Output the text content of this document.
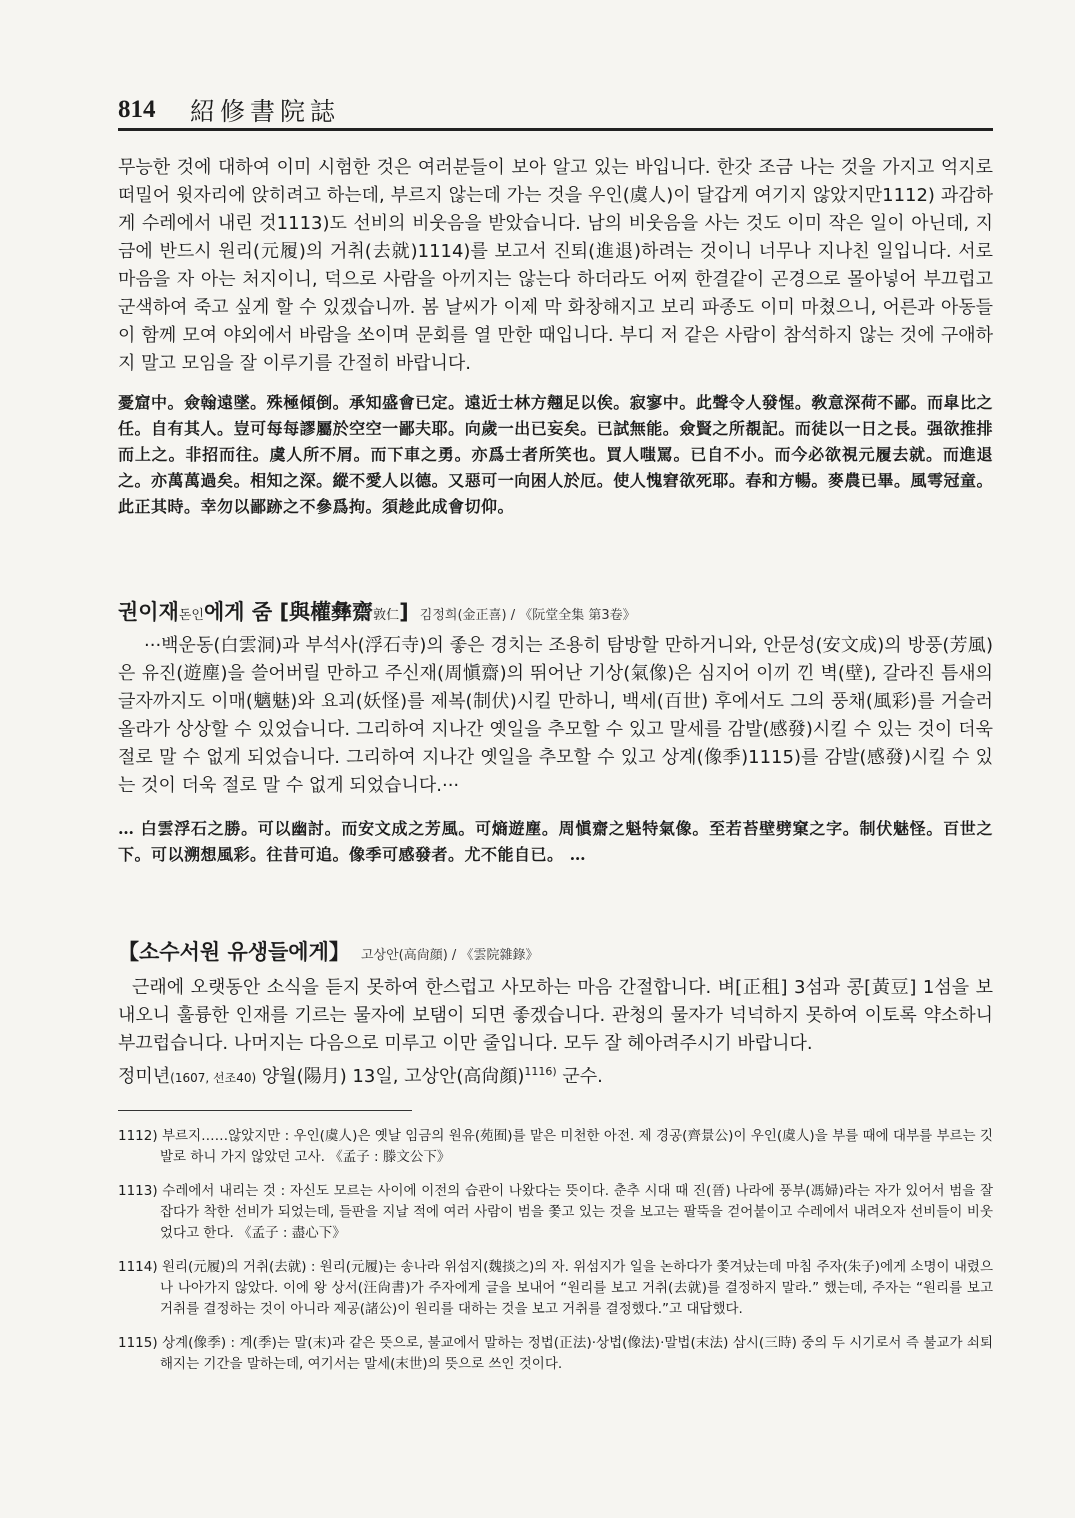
814 紹修書院誌

무능한 것에 대하여 이미 시험한 것은 여러분들이 보아 알고 있는 바입니다. 한갓 조금 나는 것을 가지고 억지로 떠밀어 윗자리에 앉히려고 하는데, 부르지 않는데 가는 것을 우인(虞人)이 달갑게 여기지 않았지만1112) 과감하게 수레에서 내린 것1113)도 선비의 비웃음을 받았습니다. 남의 비웃음을 사는 것도 이미 작은 일이 아닌데, 지금에 반드시 원리(元履)의 거취(去就)1114)를 보고서 진퇴(進退)하려는 것이니 너무나 지나친 일입니다. 서로 마음을 자 아는 처지이니, 덕으로 사람을 아끼지는 않는다 하더라도 어찌 한결같이 곤경으로 몰아넣어 부끄럽고 군색하여 죽고 싶게 할 수 있겠습니까. 봄 날씨가 이제 막 화창해지고 보리 파종도 이미 마쳤으니, 어른과 아동들이 함께 모여 야외에서 바람을 쏘이며 문회를 열 만한 때입니다. 부디 저 같은 사람이 참석하지 않는 것에 구애하지 말고 모임을 잘 이루기를 간절히 바랍니다.

憂窟中。僉翰遠墜。殊極傾倒。承知盛會已定。遠近士林方翹足以俟。寂寥中。此聲令人發惺。敎意深荷不鄙。而皐比之任。自有其人。豈可每每謬屬於空空一鄙夫耶。向歲一出已妄矣。已試無能。僉賢之所覩記。而徒以一日之長。强欲推排而上之。非招而往。虞人所不屑。而下車之勇。亦爲士者所笑也。買人嗤罵。已自不小。而今必欲視元履去就。而進退之。亦萬萬過矣。相知之深。縱不愛人以德。又惡可一向困人於厄。使人愧窘欲死耶。春和方暢。麥農已畢。風雩冠童。此正其時。幸勿以鄙跡之不參爲拘。須趁此成會切仰。

권이재돈인에게 줌 [與權彝齋敦仁] 김정희(金正喜) / 《阮堂全集 第3卷》

···백운동(白雲洞)과 부석사(浮石寺)의 좋은 경치는 조용히 탐방할 만하거니와, 안문성(安文成)의 방풍(芳風)은 유진(遊塵)을 쓸어버릴 만하고 주신재(周愼齋)의 뛰어난 기상(氣像)은 심지어 이끼 낀 벽(壁), 갈라진 틈새의 글자까지도 이매(魑魅)와 요괴(妖怪)를 제복(制伏)시킬 만하니, 백세(百世) 후에서도 그의 풍채(風彩)를 거슬러 올라가 상상할 수 있었습니다. 그리하여 지나간 옛일을 추모할 수 있고 말세를 감발(感發)시킬 수 있는 것이 더욱 절로 말 수 없게 되었습니다. 그리하여 지나간 옛일을 추모할 수 있고 상계(像季)1115)를 감발(感發)시킬 수 있는 것이 더욱 절로 말 수 없게 되었습니다.···

… 白雲浮石之勝。可以幽討。而安文成之芳風。可熵遊塵。周愼齋之魁特氣像。至若苔壁劈窠之字。制伏魅怪。百世之下。可以溯想風彩。往昔可追。像季可感發者。尤不能自已。 …

【소수서원 유생들에게】 고상안(高尙顔) / 《雲院雜錄》

근래에 오랫동안 소식을 듣지 못하여 한스럽고 사모하는 마음 간절합니다. 벼[正租] 3섬과 콩[黃豆] 1섬을 보내오니 훌륭한 인재를 기르는 물자에 보탬이 되면 좋겠습니다. 관청의 물자가 넉넉하지 못하여 이토록 약소하니 부끄럽습니다. 나머지는 다음으로 미루고 이만 줄입니다. 모두 잘 헤아려주시기 바랍니다.

정미년(1607, 선조40) 양월(陽月) 13일, 고상안(高尙顔)$^{1116)}$ 군수.

1112) 부르지……않았지만 : 우인(虞人)은 옛날 임금의 원유(苑囿)를 맡은 미천한 아전. 제 경공(齊景公)이 우인(虞人)을 부를 때에 대부를 부르는 깃발로 하니 가지 않았던 고사. 《孟子 : 滕文公下》

1113) 수레에서 내리는 것 : 자신도 모르는 사이에 이전의 습관이 나왔다는 뜻이다. 춘추 시대 때 진(晉) 나라에 풍부(馮婦)라는 자가 있어서 범을 잘 잡다가 착한 선비가 되었는데, 들판을 지날 적에 여러 사람이 범을 쫓고 있는 것을 보고는 팔뚝을 걷어붙이고 수레에서 내려오자 선비들이 비웃었다고 한다. 《孟子 : 盡心下》

1114) 원리(元履)의 거취(去就) : 원리(元履)는 송나라 위섬지(魏掞之)의 자. 위섬지가 일을 논하다가 쫓겨났는데 마침 주자(朱子)에게 소명이 내렸으나 나아가지 않았다. 이에 왕 상서(汪尙書)가 주자에게 글을 보내어 “원리를 보고 거취(去就)를 결정하지 말라.” 했는데, 주자는 “원리를 보고 거취를 결정하는 것이 아니라 제공(諸公)이 원리를 대하는 것을 보고 거취를 결정했다.”고 대답했다.

1115) 상계(像季) : 계(季)는 말(末)과 같은 뜻으로, 불교에서 말하는 정법(正法)·상법(像法)·말법(末法) 삼시(三時) 중의 두 시기로서 즉 불교가 쇠퇴해지는 기간을 말하는데, 여기서는 말세(末世)의 뜻으로 쓰인 것이다.
